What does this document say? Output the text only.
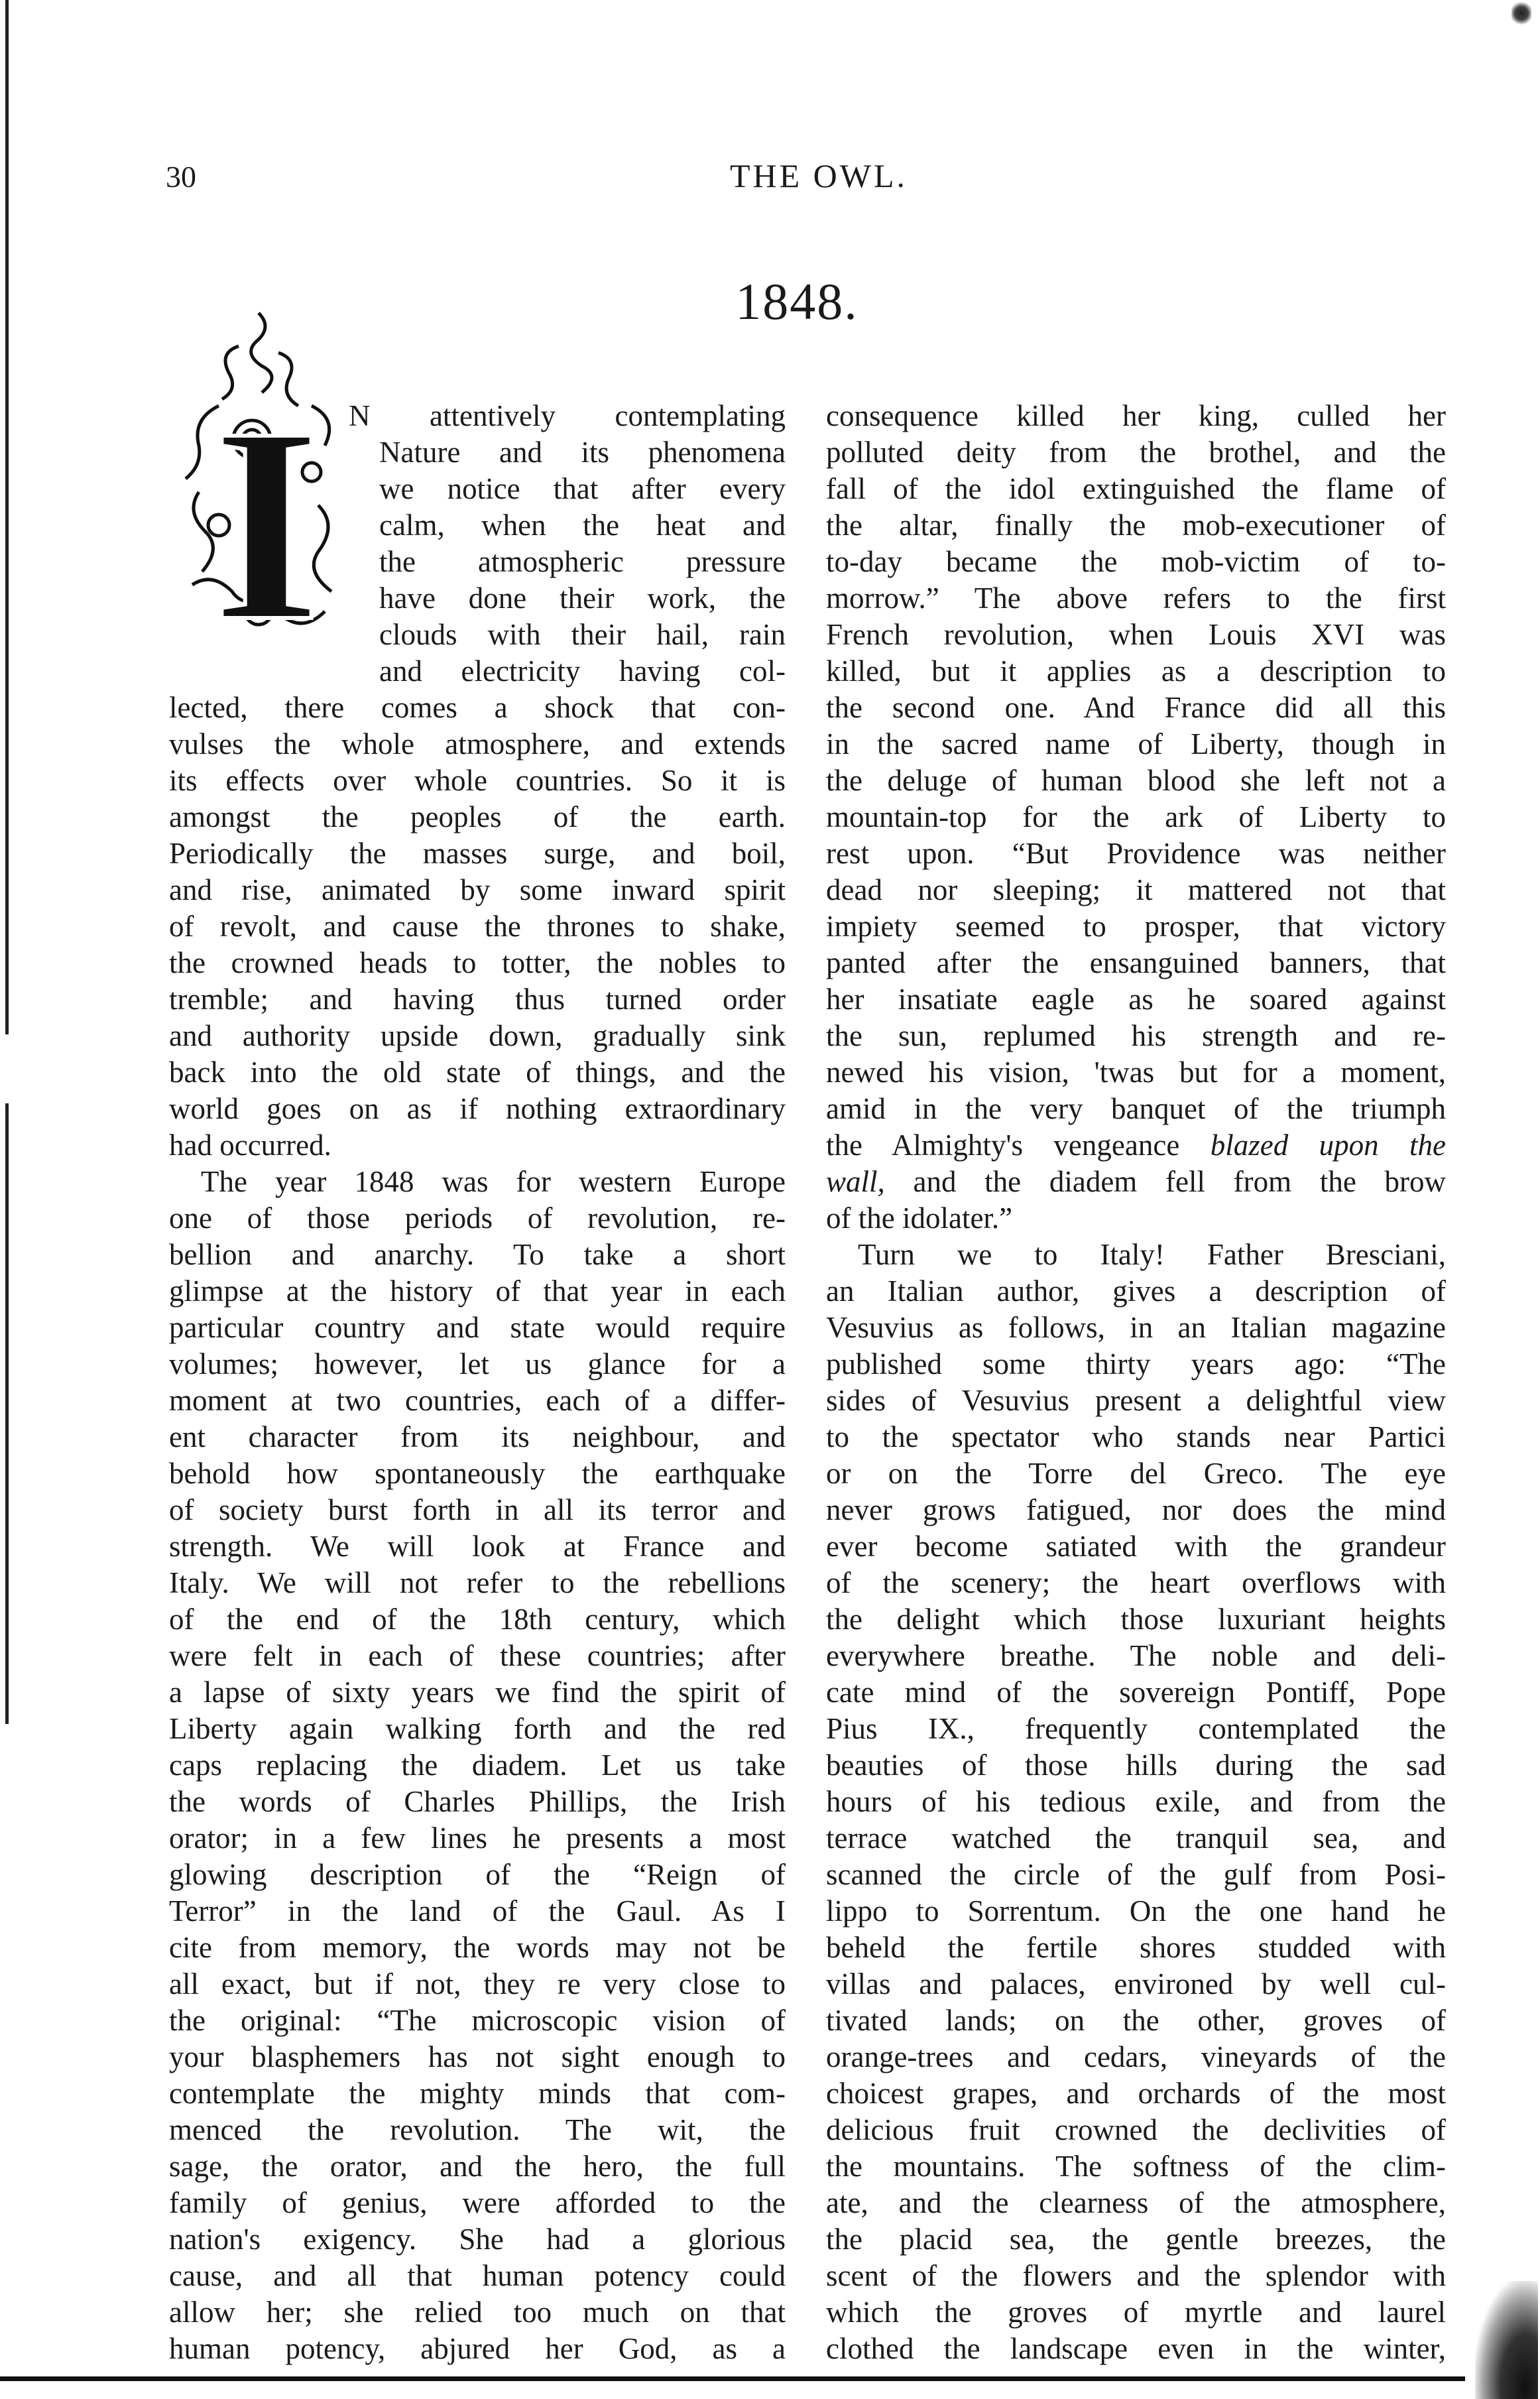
30	THE OWL.
1848.
I N attentively contemplating
Nature and its phenomena
we notice that after every
calm, when the heat and
the atmospheric pressure
have done their work, the
clouds with their hail, rain
and electricity having col-
lected, there comes a shock that con-
vulses the whole atmosphere, and extends
its effects over whole countries. So it is
amongst the peoples of the earth.
Periodically the masses surge, and boil,
and rise, animated by some inward spirit
of revolt, and cause the thrones to shake,
the crowned heads to totter, the nobles to
tremble; and having thus turned order
and authority upside down, gradually sink
back into the old state of things, and the
world goes on as if nothing extraordinary
had occurred.
The year 1848 was for western Europe
one of those periods of revolution, re-
bellion and anarchy. To take a short
glimpse at the history of that year in each
particular country and state would require
volumes; however, let us glance for a
moment at two countries, each of a differ-
ent character from its neighbour, and
behold how spontaneously the earthquake
of society burst forth in all its terror and
strength. We will look at France and
Italy. We will not refer to the rebellions
of the end of the 18th century, which
were felt in each of these countries; after
a lapse of sixty years we find the spirit of
Liberty again walking forth and the red
caps replacing the diadem. Let us take
the words of Charles Phillips, the Irish
orator; in a few lines he presents a most
glowing description of the “Reign of
Terror” in the land of the Gaul. As I
cite from memory, the words may not be
all exact, but if not, they re very close to
the original: “The microscopic vision of
your blasphemers has not sight enough to
contemplate the mighty minds that com-
menced the revolution. The wit, the
sage, the orator, and the hero, the full
family of genius, were afforded to the
nation's exigency. She had a glorious
cause, and all that human potency could
allow her; she relied too much on that
human potency, abjured her God, as a
consequence killed her king, culled her
polluted deity from the brothel, and the
fall of the idol extinguished the flame of
the altar, finally the mob-executioner of
to-day became the mob-victim of to-
morrow.” The above refers to the first
French revolution, when Louis XVI was
killed, but it applies as a description to
the second one. And France did all this
in the sacred name of Liberty, though in
the deluge of human blood she left not a
mountain-top for the ark of Liberty to
rest upon. “But Providence was neither
dead nor sleeping; it mattered not that
impiety seemed to prosper, that victory
panted after the ensanguined banners, that
her insatiate eagle as he soared against
the sun, replumed his strength and re-
newed his vision, 'twas but for a moment,
amid in the very banquet of the triumph
the Almighty's vengeance blazed upon the
wall, and the diadem fell from the brow
of the idolater.”
Turn we to Italy! Father Bresciani,
an Italian author, gives a description of
Vesuvius as follows, in an Italian magazine
published some thirty years ago: “The
sides of Vesuvius present a delightful view
to the spectator who stands near Partici
or on the Torre del Greco. The eye
never grows fatigued, nor does the mind
ever become satiated with the grandeur
of the scenery; the heart overflows with
the delight which those luxuriant heights
everywhere breathe. The noble and deli-
cate mind of the sovereign Pontiff, Pope
Pius IX., frequently contemplated the
beauties of those hills during the sad
hours of his tedious exile, and from the
terrace watched the tranquil sea, and
scanned the circle of the gulf from Posi-
lippo to Sorrentum. On the one hand he
beheld the fertile shores studded with
villas and palaces, environed by well cul-
tivated lands; on the other, groves of
orange-trees and cedars, vineyards of the
choicest grapes, and orchards of the most
delicious fruit crowned the declivities of
the mountains. The softness of the clim-
ate, and the clearness of the atmosphere,
the placid sea, the gentle breezes, the
scent of the flowers and the splendor with
which the groves of myrtle and laurel
clothed the landscape even in the winter,
